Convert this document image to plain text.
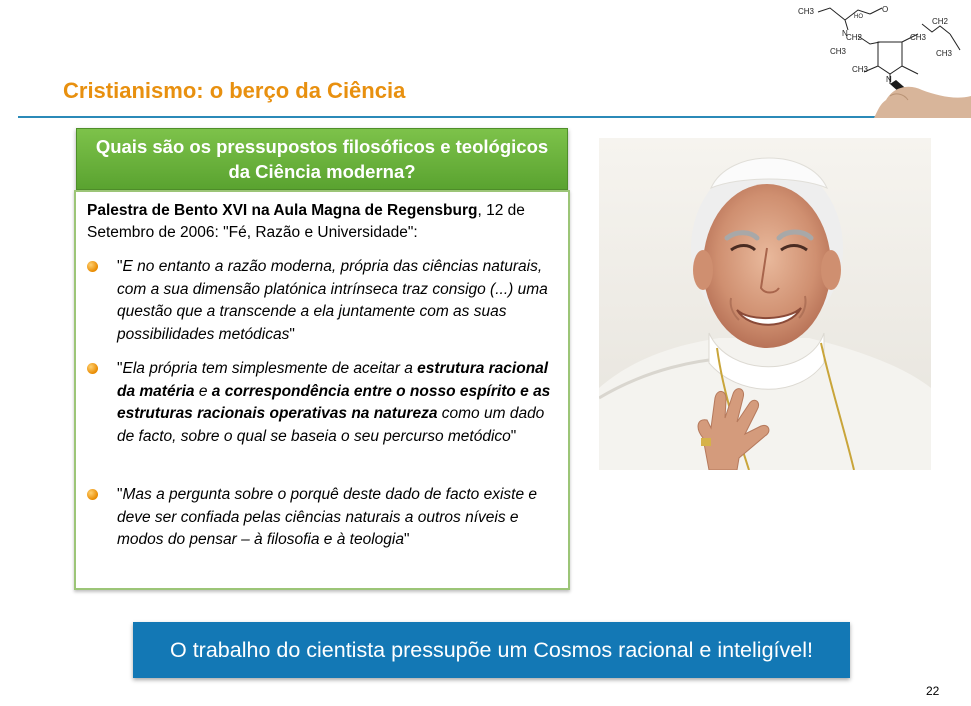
Cristianismo: o berço da Ciência
CH3
N
HO
O
CH2
CH3
CH2
CH3
CH3
CH3
N
Quais são os pressupostos filosóficos e teológicos da Ciência moderna?
Palestra de Bento XVI na Aula Magna de Regensburg, 12 de Setembro de 2006: "Fé, Razão e Universidade":
"E no entanto a razão moderna, própria das ciências naturais, com a sua dimensão platónica intrínseca traz consigo (...) uma questão que a transcende a ela juntamente com as suas possibilidades metódicas"
"Ela própria tem simplesmente de aceitar a estrutura racional da matéria e a correspondência entre o nosso espírito e as estruturas racionais operativas na natureza como um dado de facto, sobre o qual se baseia o seu percurso metódico"
"Mas a pergunta sobre o porquê deste dado de facto existe e deve ser confiada pelas ciências naturais a outros níveis e modos do pensar – à filosofia e à teologia"
O trabalho do cientista pressupõe um Cosmos racional e inteligível!
22
